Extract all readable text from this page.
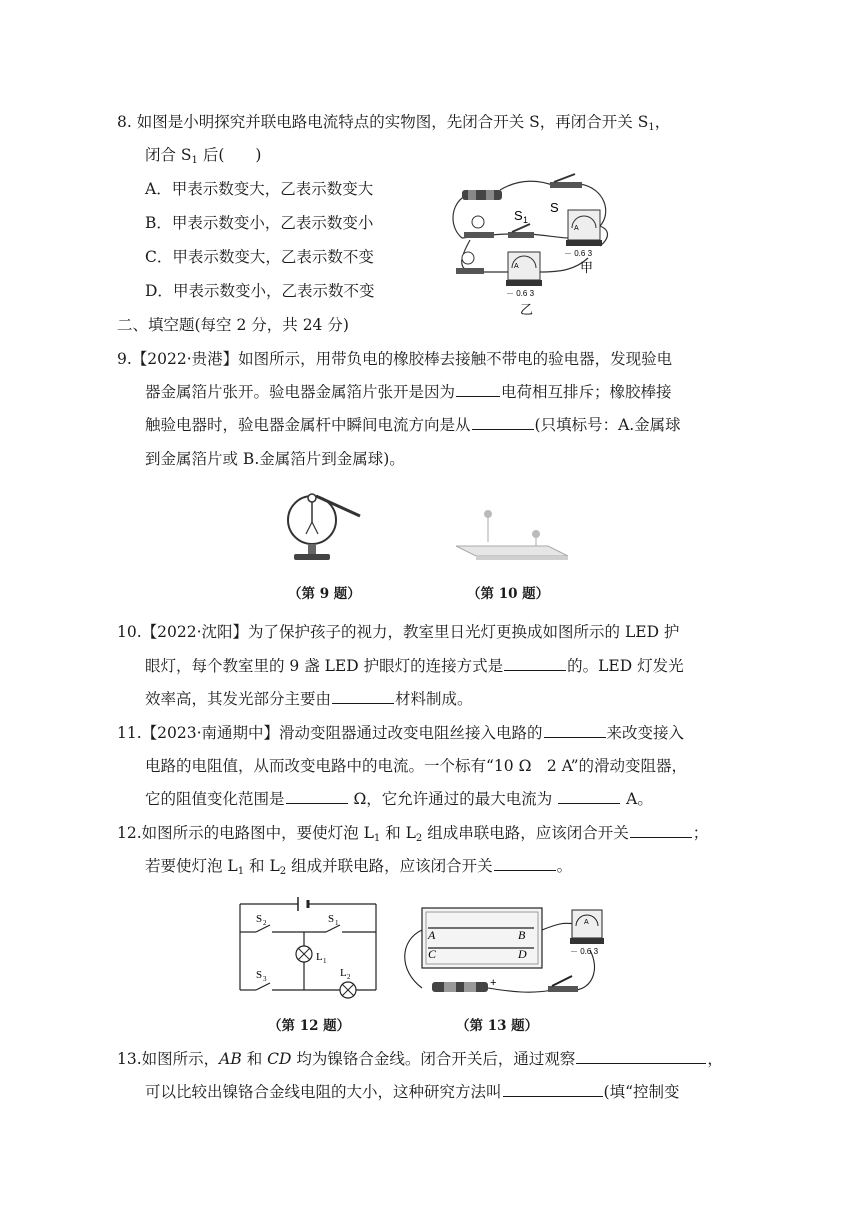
8. 如图是小明探究并联电路电流特点的实物图，先闭合开关 S，再闭合开关 $S_1$，
闭合 $S_1$ 后(　　)
A．甲表示数变大，乙表示数变大
B．甲表示数变小，乙表示数变小
C．甲表示数变大，乙表示数不变
D．甲表示数变小，乙表示数不变
S 1
S
A
A
－ 0.6 3
－ 0.6 3
甲
乙
二、填空题(每空 2 分，共 24 分)
9.【2022·贵港】如图所示，用带负电的橡胶棒去接触不带电的验电器，发现验电
器金属箔片张开。验电器金属箔片张开是因为	电荷相互排斥；橡胶棒接
触验电器时，验电器金属杆中瞬间电流方向是从	(只填标号：A.金属球
到金属箔片或 B.金属箔片到金属球)。
（第 9 题）	（第 10 题）
10.【2022·沈阳】为了保护孩子的视力，教室里日光灯更换成如图所示的 LED 护
眼灯，每个教室里的 9 盏 LED 护眼灯的连接方式是	的。LED 灯发光
效率高，其发光部分主要由	材料制成。
11.【2023·南通期中】滑动变阻器通过改变电阻丝接入电路的	来改变接入
电路的电阻值，从而改变电路中的电流。一个标有“10 Ω　2 A”的滑动变阻器，
它的阻值变化范围是	Ω，它允许通过的最大电流为	A。
12.如图所示的电路图中，要使灯泡 $L_1$ 和 $L_2$ 组成串联电路，应该闭合开关	；
若要使灯泡 $L_1$ 和 $L_2$ 组成并联电路，应该闭合开关	。
S 2	S 1
S 3
L 1
L 2
（第 12 题）
A	B
C	D
A
－ 0.6 3
+
（第 13 题）
13.如图所示，AB 和 CD 均为镍铬合金线。闭合开关后，通过观察	，
可以比较出镍铬合金线电阻的大小，这种研究方法叫	(填“控制变
